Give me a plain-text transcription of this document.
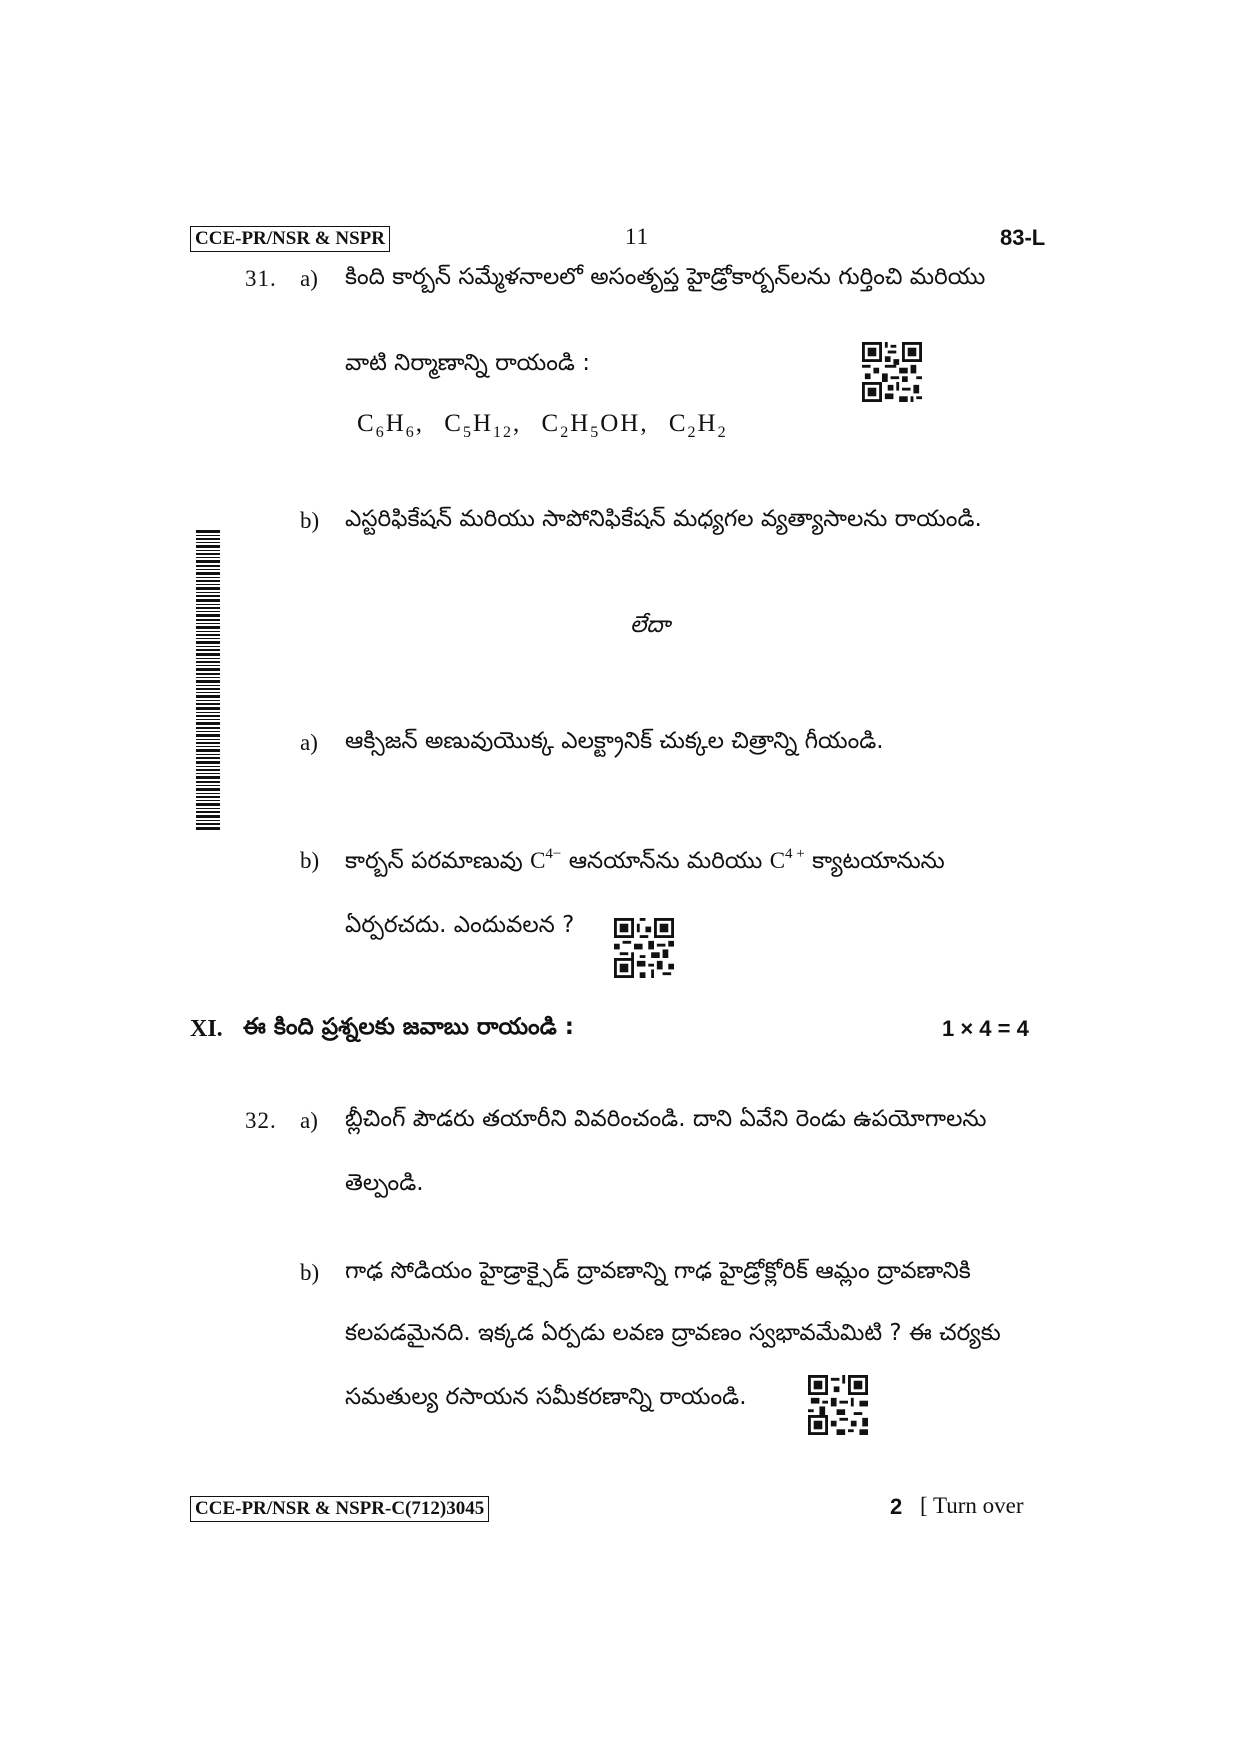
CCE-PR/NSR & NSPR	11	83-L
31. a) కింది కార్బన్ సమ్మేళనాలలో అసంతృప్త హైడ్రోకార్బన్‌లను గుర్తించి మరియు
వాటి నిర్మాణాన్ని రాయండి :
$C_6H_6$, $C_5H_{12}$, $C_2H_5OH$, $C_2H_2$
b) ఎస్టరిఫికేషన్ మరియు సాపోనిఫికేషన్ మధ్యగల వ్యత్యాసాలను రాయండి.
లేదా
a) ఆక్సిజన్ అణువుయొక్క ఎలక్ట్రానిక్ చుక్కల చిత్రాన్ని గీయండి.
b) కార్బన్ పరమాణువు $C^{4-}$ ఆనయాన్‌ను మరియు $C^{4 +}$ క్యాటయానును
ఏర్పరచదు. ఎందువలన ?
XI. ఈ కింది ప్రశ్నలకు జవాబు రాయండి :	1 × 4 = 4
32. a) బ్లీచింగ్ పౌడరు తయారీని వివరించండి. దాని ఏవేని రెండు ఉపయోగాలను
తెల్పండి.
b) గాఢ సోడియం హైడ్రాక్సైడ్ ద్రావణాన్ని గాఢ హైడ్రోక్లోరిక్ ఆమ్లం ద్రావణానికి
కలపడమైనది. ఇక్కడ ఏర్పడు లవణ ద్రావణం స్వభావమేమిటి ? ఈ చర్యకు
సమతుల్య రసాయన సమీకరణాన్ని రాయండి.
CCE-PR/NSR & NSPR-C(712)3045	2 [ Turn over
